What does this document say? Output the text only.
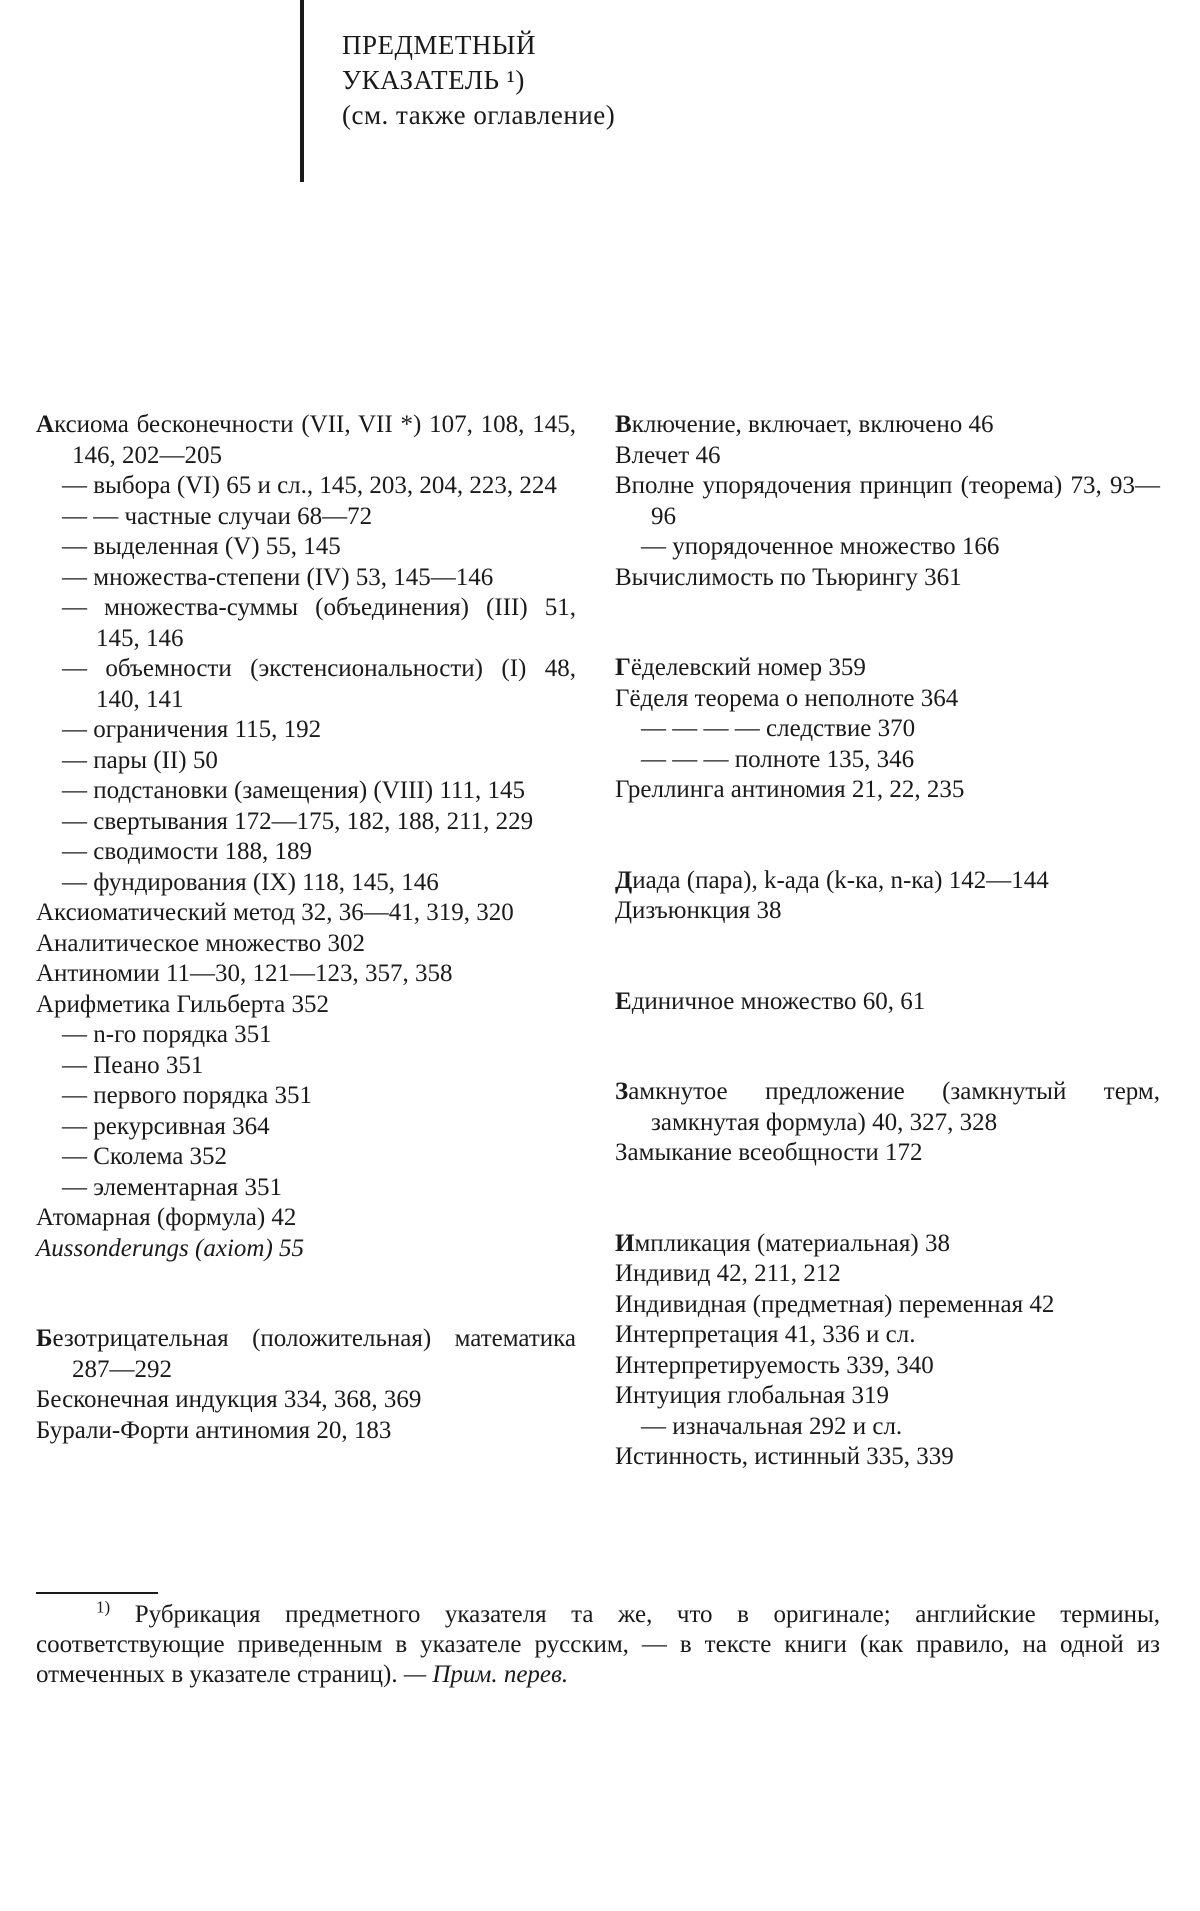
ПРЕДМЕТНЫЙ
УКАЗАТЕЛЬ ¹)
(см. также оглавление)
Аксиома бесконечности (VII, VII *) 107, 108, 145, 146, 202—205
— выбора (VI) 65 и сл., 145, 203, 204, 223, 224
— — частные случаи 68—72
— выделенная (V) 55, 145
— множества-степени (IV) 53, 145—146
— множества-суммы (объединения) (III) 51, 145, 146
— объемности (экстенсиональности) (I) 48, 140, 141
— ограничения 115, 192
— пары (II) 50
— подстановки (замещения) (VIII) 111, 145
— свертывания 172—175, 182, 188, 211, 229
— сводимости 188, 189
— фундирования (IX) 118, 145, 146
Аксиоматический метод 32, 36—41, 319, 320
Аналитическое множество 302
Антиномии 11—30, 121—123, 357, 358
Арифметика Гильберта 352
— n-го порядка 351
— Пеано 351
— первого порядка 351
— рекурсивная 364
— Сколема 352
— элементарная 351
Атомарная (формула) 42
Aussonderungs (axiom) 55
Безотрицательная (положительная) математика 287—292
Бесконечная индукция 334, 368, 369
Бурали-Форти антиномия 20, 183
Включение, включает, включено 46
Влечет 46
Вполне упорядочения принцип (теорема) 73, 93—96
— упорядоченное множество 166
Вычислимость по Тьюрингу 361
Гёделевский номер 359
Гёделя теорема о неполноте 364
— — — — следствие 370
— — — полноте 135, 346
Греллинга антиномия 21, 22, 235
Диада (пара), k-ада (k-ка, n-ка) 142—144
Дизъюнкция 38
Единичное множество 60, 61
Замкнутое предложение (замкнутый терм, замкнутая формула) 40, 327, 328
Замыкание всеобщности 172
Импликация (материальная) 38
Индивид 42, 211, 212
Индивидная (предметная) переменная 42
Интерпретация 41, 336 и сл.
Интерпретируемость 339, 340
Интуиция глобальная 319
— изначальная 292 и сл.
Истинность, истинный 335, 339
$^{1)}$ Рубрикация предметного указателя та же, что в оригинале; английские термины, соответствующие приведенным в указателе русским, — в тексте книги (как правило, на одной из отмеченных в указателе страниц). — Прим. перев.
